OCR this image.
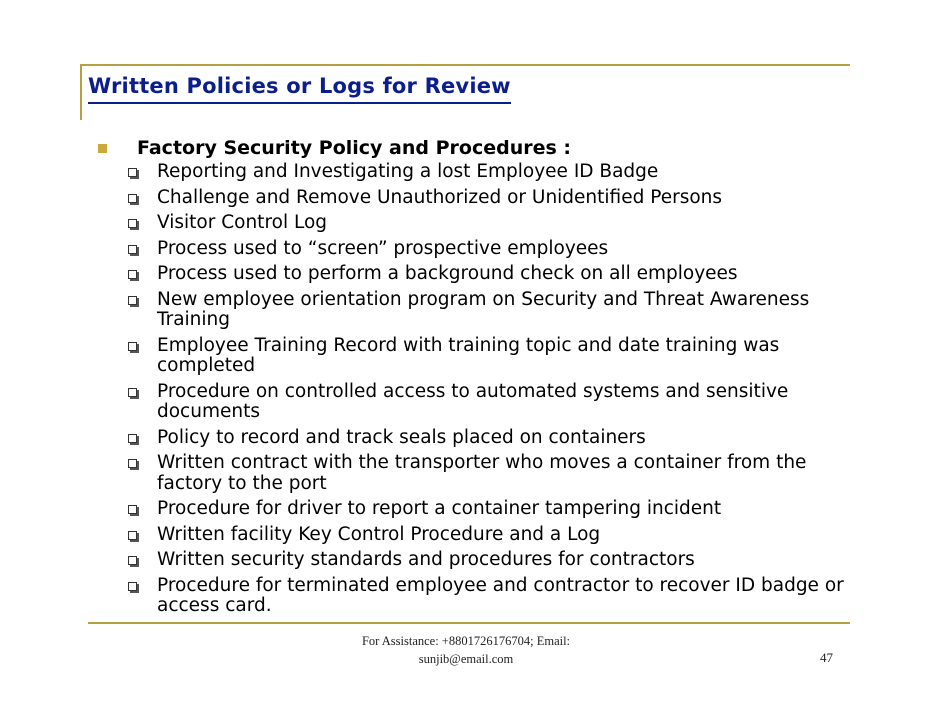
Written Policies or Logs for Review
Factory Security Policy and Procedures :
Reporting and Investigating a lost Employee ID Badge
Challenge and Remove Unauthorized or Unidentified Persons
Visitor Control Log
Process used to “screen” prospective employees
Process used to perform a background check on all employees
New employee orientation program on Security and Threat Awareness Training
Employee Training Record with training topic and date training was completed
Procedure on controlled access to automated systems and sensitive documents
Policy to record and track seals placed on containers
Written contract with the transporter who moves a container from the factory to the port
Procedure for driver to report a container tampering incident
Written facility Key Control Procedure and a Log
Written security standards and procedures for contractors
Procedure for terminated employee and contractor to recover ID badge or access card.
For Assistance: +8801726176704; Email:
sunjib@email.com	47
